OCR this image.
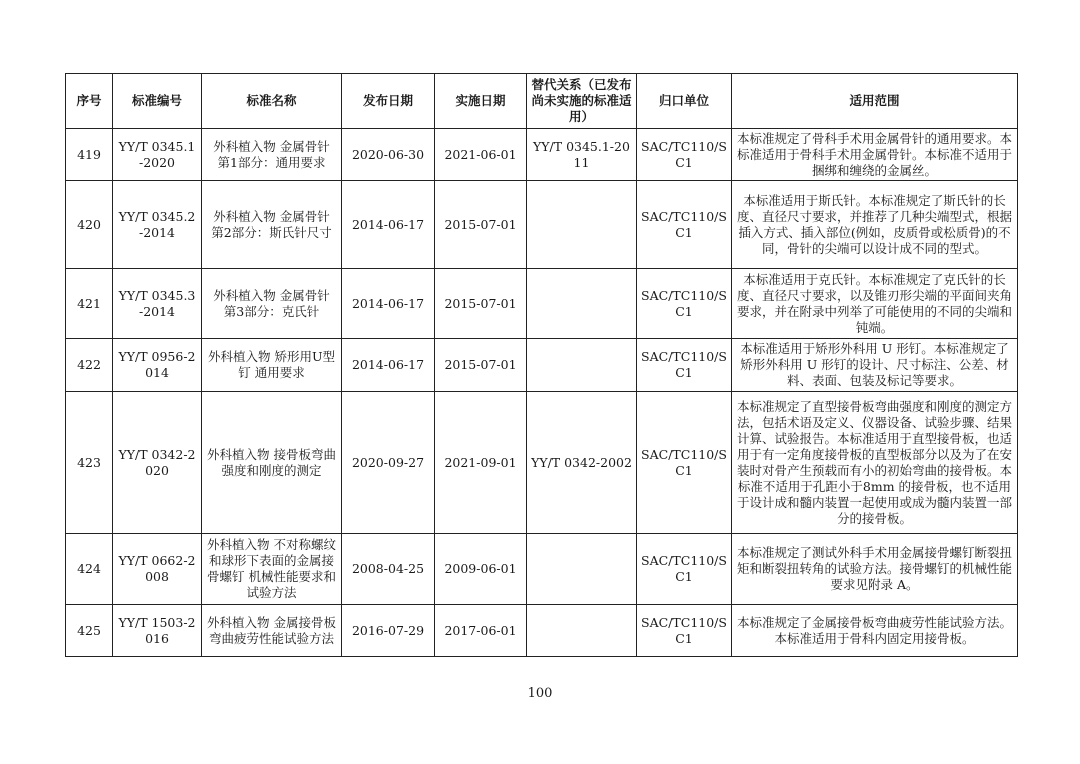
序号	标准编号	标准名称	发布日期	实施日期	替代关系（已发布尚未实施的标准适用）	归口单位	适用范围
419	YY/T 0345.1-2020	外科植入物 金属骨针 第1部分：通用要求	2020-06-30	2021-06-01	YY/T 0345.1-2011	SAC/TC110/SC1	本标准规定了骨科手术用金属骨针的通用要求。本标准适用于骨科手术用金属骨针。本标准不适用于捆绑和缠绕的金属丝。
420	YY/T 0345.2-2014	外科植入物 金属骨针 第2部分：斯氏针尺寸	2014-06-17	2015-07-01		SAC/TC110/SC1	本标准适用于斯氏针。本标准规定了斯氏针的长度、直径尺寸要求，并推荐了几种尖端型式，根据插入方式、插入部位(例如，皮质骨或松质骨)的不同，骨针的尖端可以设计成不同的型式。
421	YY/T 0345.3-2014	外科植入物 金属骨针 第3部分：克氏针	2014-06-17	2015-07-01		SAC/TC110/SC1	本标准适用于克氏针。本标准规定了克氏针的长度、直径尺寸要求，以及锥刃形尖端的平面间夹角要求，并在附录中列举了可能使用的不同的尖端和钝端。
422	YY/T 0956-2014	外科植入物 矫形用U型钉 通用要求	2014-06-17	2015-07-01		SAC/TC110/SC1	本标准适用于矫形外科用 U 形钉。本标准规定了矫形外科用 U 形钉的设计、尺寸标注、公差、材料、表面、包装及标记等要求。
423	YY/T 0342-2020	外科植入物 接骨板弯曲强度和刚度的测定	2020-09-27	2021-09-01	YY/T 0342-2002	SAC/TC110/SC1	本标准规定了直型接骨板弯曲强度和刚度的测定方法，包括术语及定义、仪器设备、试验步骤、结果计算、试验报告。本标准适用于直型接骨板，也适用于有一定角度接骨板的直型板部分以及为了在安装时对骨产生预载而有小的初始弯曲的接骨板。本标准不适用于孔距小于8mm 的接骨板，也不适用于设计成和髓内装置一起使用或成为髓内装置一部分的接骨板。
424	YY/T 0662-2008	外科植入物 不对称螺纹和球形下表面的金属接骨螺钉 机械性能要求和试验方法	2008-04-25	2009-06-01		SAC/TC110/SC1	本标准规定了测试外科手术用金属接骨螺钉断裂扭矩和断裂扭转角的试验方法。接骨螺钉的机械性能要求见附录 A。
425	YY/T 1503-2016	外科植入物 金属接骨板弯曲疲劳性能试验方法	2016-07-29	2017-06-01		SAC/TC110/SC1	本标准规定了金属接骨板弯曲疲劳性能试验方法。本标准适用于骨科内固定用接骨板。
100
